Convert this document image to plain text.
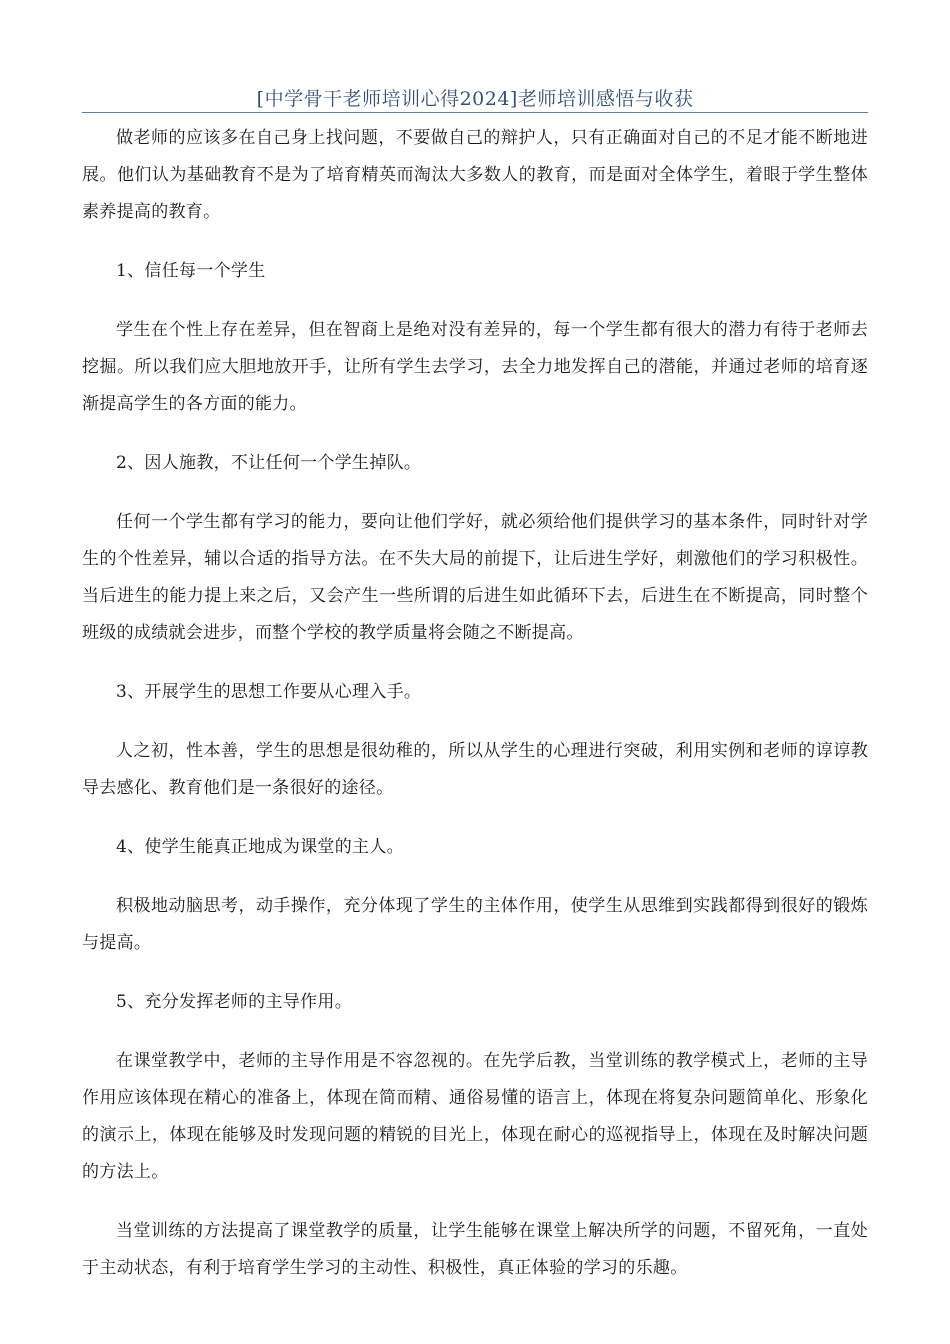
[中学骨干老师培训心得2024]老师培训感悟与收获

做老师的应该多在自己身上找问题，不要做自己的辩护人，只有正确面对自己的不足才能不断地进展。他们认为基础教育不是为了培育精英而淘汰大多数人的教育，而是面对全体学生，着眼于学生整体素养提高的教育。

1、信任每一个学生

学生在个性上存在差异，但在智商上是绝对没有差异的，每一个学生都有很大的潜力有待于老师去挖掘。所以我们应大胆地放开手，让所有学生去学习，去全力地发挥自己的潜能，并通过老师的培育逐渐提高学生的各方面的能力。

2、因人施教，不让任何一个学生掉队。

任何一个学生都有学习的能力，要向让他们学好，就必须给他们提供学习的基本条件，同时针对学生的个性差异，辅以合适的指导方法。在不失大局的前提下，让后进生学好，刺激他们的学习积极性。当后进生的能力提上来之后，又会产生一些所谓的后进生如此循环下去，后进生在不断提高，同时整个班级的成绩就会进步，而整个学校的教学质量将会随之不断提高。

3、开展学生的思想工作要从心理入手。

人之初，性本善，学生的思想是很幼稚的，所以从学生的心理进行突破，利用实例和老师的谆谆教导去感化、教育他们是一条很好的途径。

4、使学生能真正地成为课堂的主人。

积极地动脑思考，动手操作，充分体现了学生的主体作用，使学生从思维到实践都得到很好的锻炼与提高。

5、充分发挥老师的主导作用。

在课堂教学中，老师的主导作用是不容忽视的。在先学后教，当堂训练的教学模式上，老师的主导作用应该体现在精心的准备上，体现在简而精、通俗易懂的语言上，体现在将复杂问题简单化、形象化的演示上，体现在能够及时发现问题的精锐的目光上，体现在耐心的巡视指导上，体现在及时解决问题的方法上。

当堂训练的方法提高了课堂教学的质量，让学生能够在课堂上解决所学的问题，不留死角，一直处于主动状态，有利于培育学生学习的主动性、积极性，真正体验的学习的乐趣。
